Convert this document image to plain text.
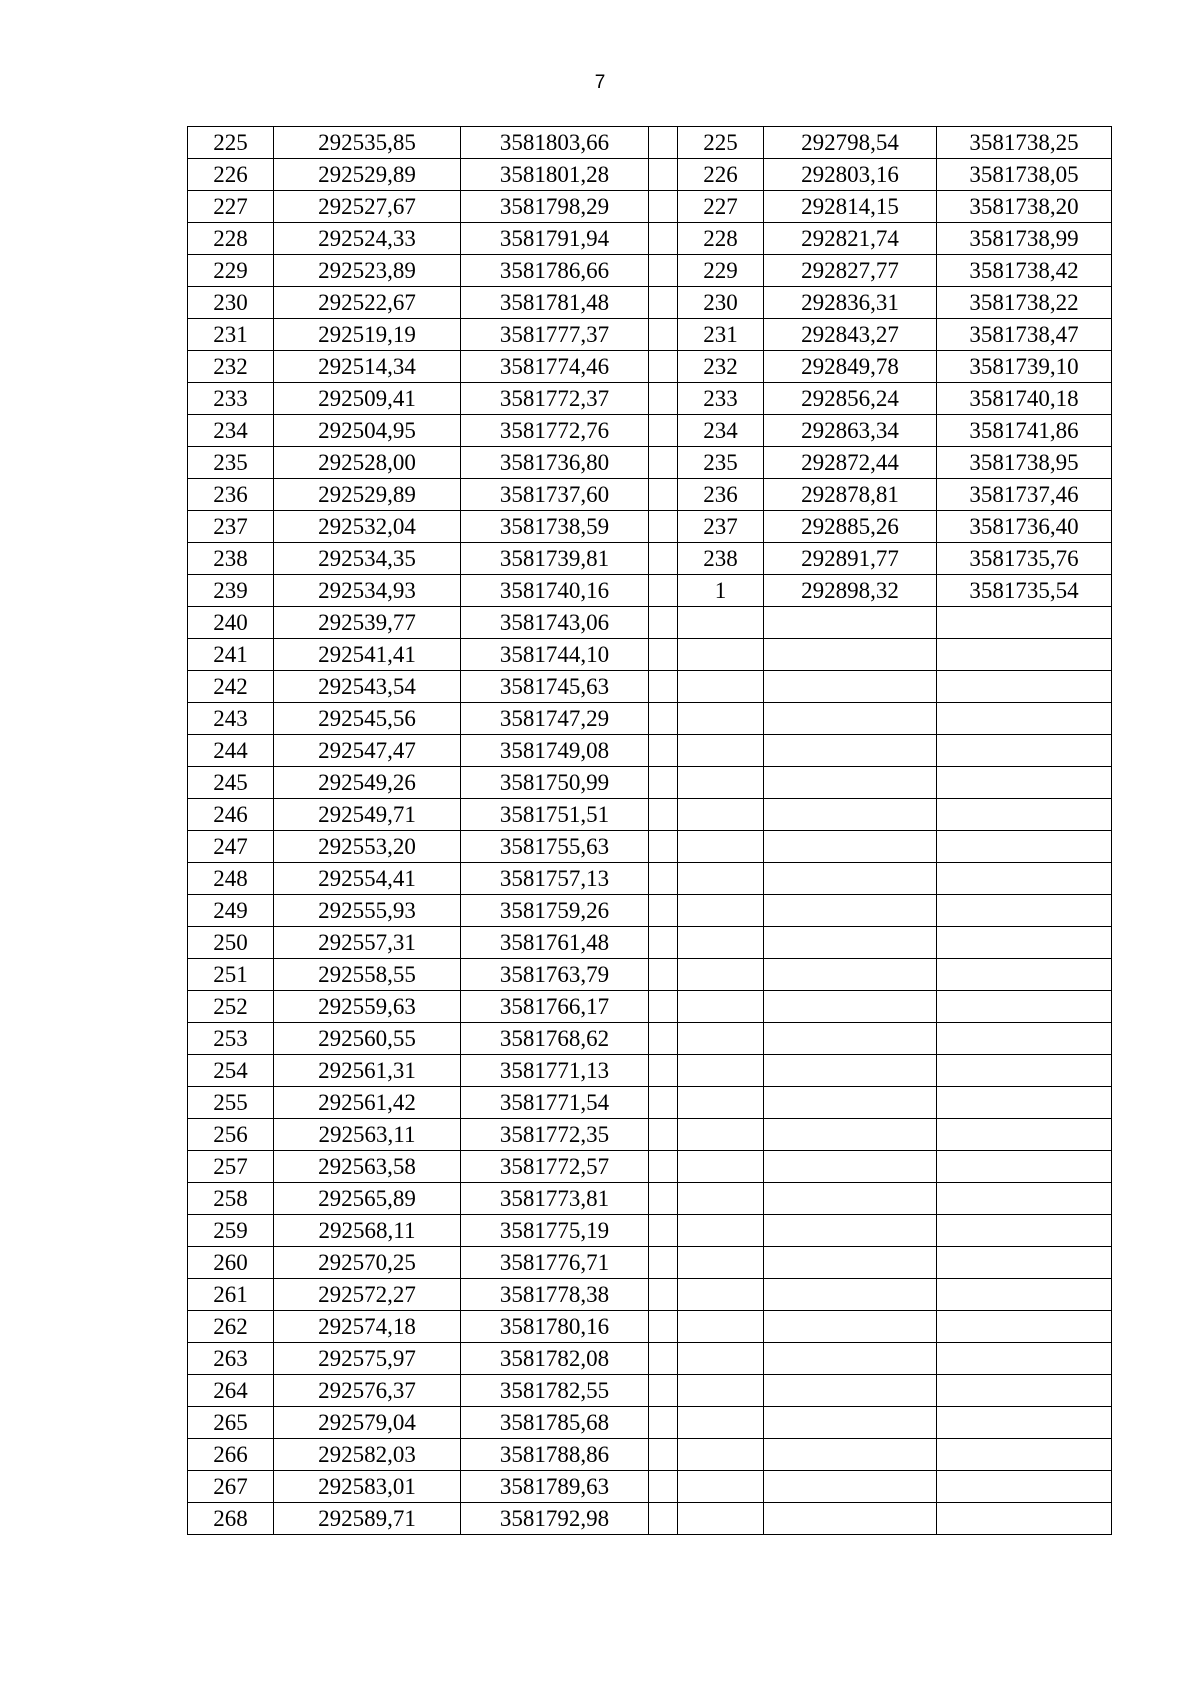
7
225	292535,85	3581803,66		225	292798,54	3581738,25
226	292529,89	3581801,28		226	292803,16	3581738,05
227	292527,67	3581798,29		227	292814,15	3581738,20
228	292524,33	3581791,94		228	292821,74	3581738,99
229	292523,89	3581786,66		229	292827,77	3581738,42
230	292522,67	3581781,48		230	292836,31	3581738,22
231	292519,19	3581777,37		231	292843,27	3581738,47
232	292514,34	3581774,46		232	292849,78	3581739,10
233	292509,41	3581772,37		233	292856,24	3581740,18
234	292504,95	3581772,76		234	292863,34	3581741,86
235	292528,00	3581736,80		235	292872,44	3581738,95
236	292529,89	3581737,60		236	292878,81	3581737,46
237	292532,04	3581738,59		237	292885,26	3581736,40
238	292534,35	3581739,81		238	292891,77	3581735,76
239	292534,93	3581740,16		1	292898,32	3581735,54
240	292539,77	3581743,06				
241	292541,41	3581744,10				
242	292543,54	3581745,63				
243	292545,56	3581747,29				
244	292547,47	3581749,08				
245	292549,26	3581750,99				
246	292549,71	3581751,51				
247	292553,20	3581755,63				
248	292554,41	3581757,13				
249	292555,93	3581759,26				
250	292557,31	3581761,48				
251	292558,55	3581763,79				
252	292559,63	3581766,17				
253	292560,55	3581768,62				
254	292561,31	3581771,13				
255	292561,42	3581771,54				
256	292563,11	3581772,35				
257	292563,58	3581772,57				
258	292565,89	3581773,81				
259	292568,11	3581775,19				
260	292570,25	3581776,71				
261	292572,27	3581778,38				
262	292574,18	3581780,16				
263	292575,97	3581782,08				
264	292576,37	3581782,55				
265	292579,04	3581785,68				
266	292582,03	3581788,86				
267	292583,01	3581789,63				
268	292589,71	3581792,98				
